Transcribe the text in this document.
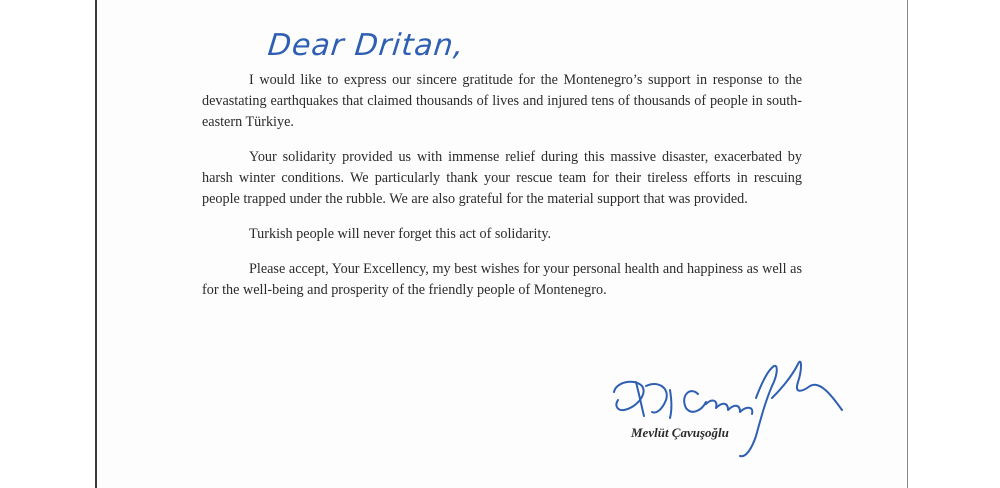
Dear Dritan,

I would like to express our sincere gratitude for the Montenegro’s support in response to the devastating earthquakes that claimed thousands of lives and injured tens of thousands of people in south-eastern Türkiye.

Your solidarity provided us with immense relief during this massive disaster, exacerbated by harsh winter conditions. We particularly thank your rescue team for their tireless efforts in rescuing people trapped under the rubble. We are also grateful for the material support that was provided.

Turkish people will never forget this act of solidarity.

Please accept, Your Excellency, my best wishes for your personal health and happiness as well as for the well-being and prosperity of the friendly people of Montenegro.

Mevlüt Çavuşoğlu
